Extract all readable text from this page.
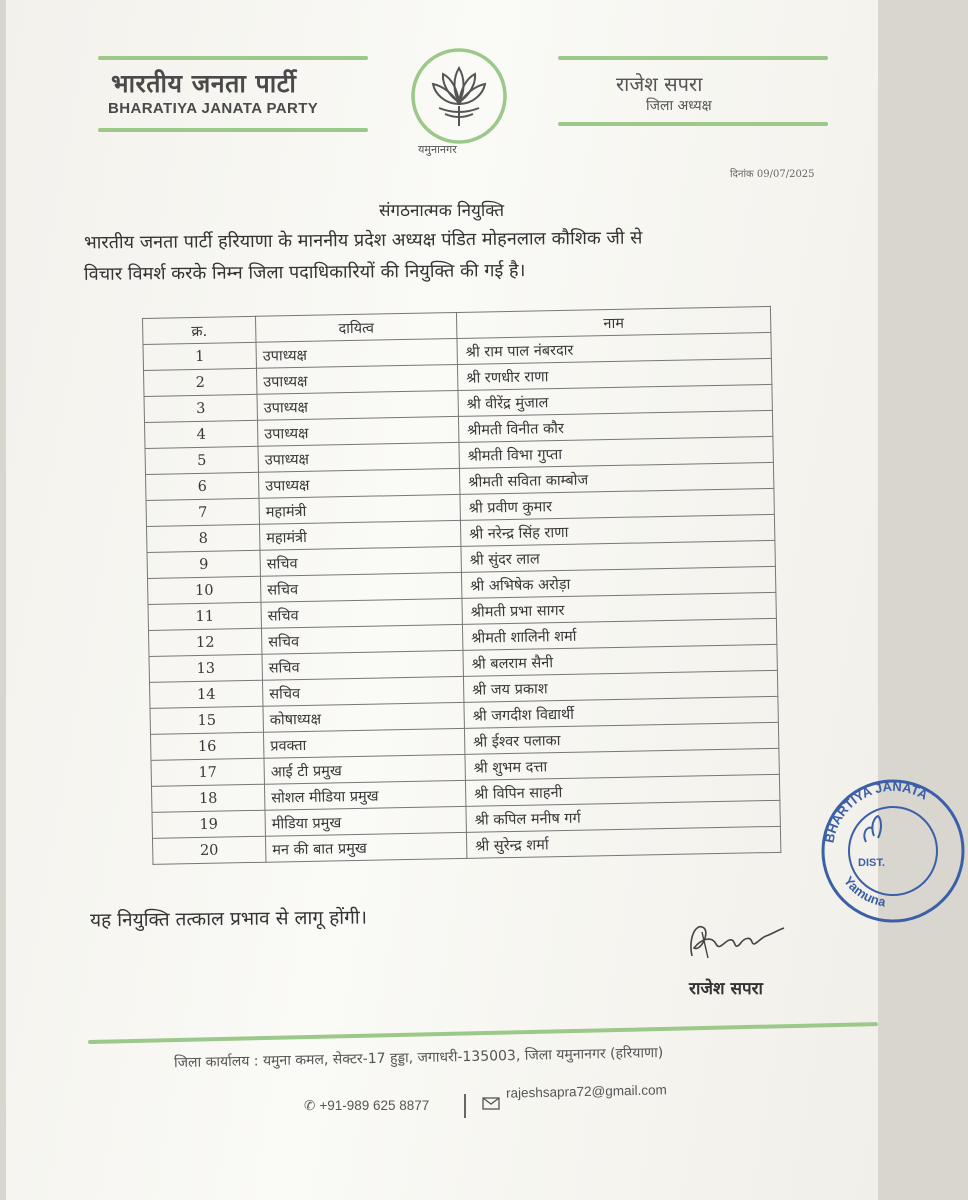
भारतीय जनता पार्टी
BHARATIYA JANATA PARTY
यमुनानगर
राजेश सपरा
जिला अध्यक्ष
दिनांक 09/07/2025
संगठनात्मक नियुक्ति
भारतीय जनता पार्टी हरियाणा के माननीय प्रदेश अध्यक्ष पंडित मोहनलाल कौशिक जी से
विचार विमर्श करके निम्न जिला पदाधिकारियों की नियुक्ति की गई है।
क्र.	दायित्व	नाम
1	उपाध्यक्ष	श्री राम पाल नंबरदार
2	उपाध्यक्ष	श्री रणधीर राणा
3	उपाध्यक्ष	श्री वीरेंद्र मुंजाल
4	उपाध्यक्ष	श्रीमती विनीत कौर
5	उपाध्यक्ष	श्रीमती विभा गुप्ता
6	उपाध्यक्ष	श्रीमती सविता काम्बोज
7	महामंत्री	श्री प्रवीण कुमार
8	महामंत्री	श्री नरेन्द्र सिंह राणा
9	सचिव	श्री सुंदर लाल
10	सचिव	श्री अभिषेक अरोड़ा
11	सचिव	श्रीमती प्रभा सागर
12	सचिव	श्रीमती शालिनी शर्मा
13	सचिव	श्री बलराम सैनी
14	सचिव	श्री जय प्रकाश
15	कोषाध्यक्ष	श्री जगदीश विद्यार्थी
16	प्रवक्ता	श्री ईश्वर पलाका
17	आई टी प्रमुख	श्री शुभम दत्ता
18	सोशल मीडिया प्रमुख	श्री विपिन साहनी
19	मीडिया प्रमुख	श्री कपिल मनीष गर्ग
20	मन की बात प्रमुख	श्री सुरेन्द्र शर्मा
यह नियुक्ति तत्काल प्रभाव से लागू होंगी।
राजेश सपरा
BHARTIYA JANATA
Yamuna
DIST.
जिला कार्यालय : यमुना कमल, सेक्टर-17 हुड्डा, जगाधरी-135003, जिला यमुनानगर (हरियाणा)
✆ +91-989 625 8877
rajeshsapra72@gmail.com
